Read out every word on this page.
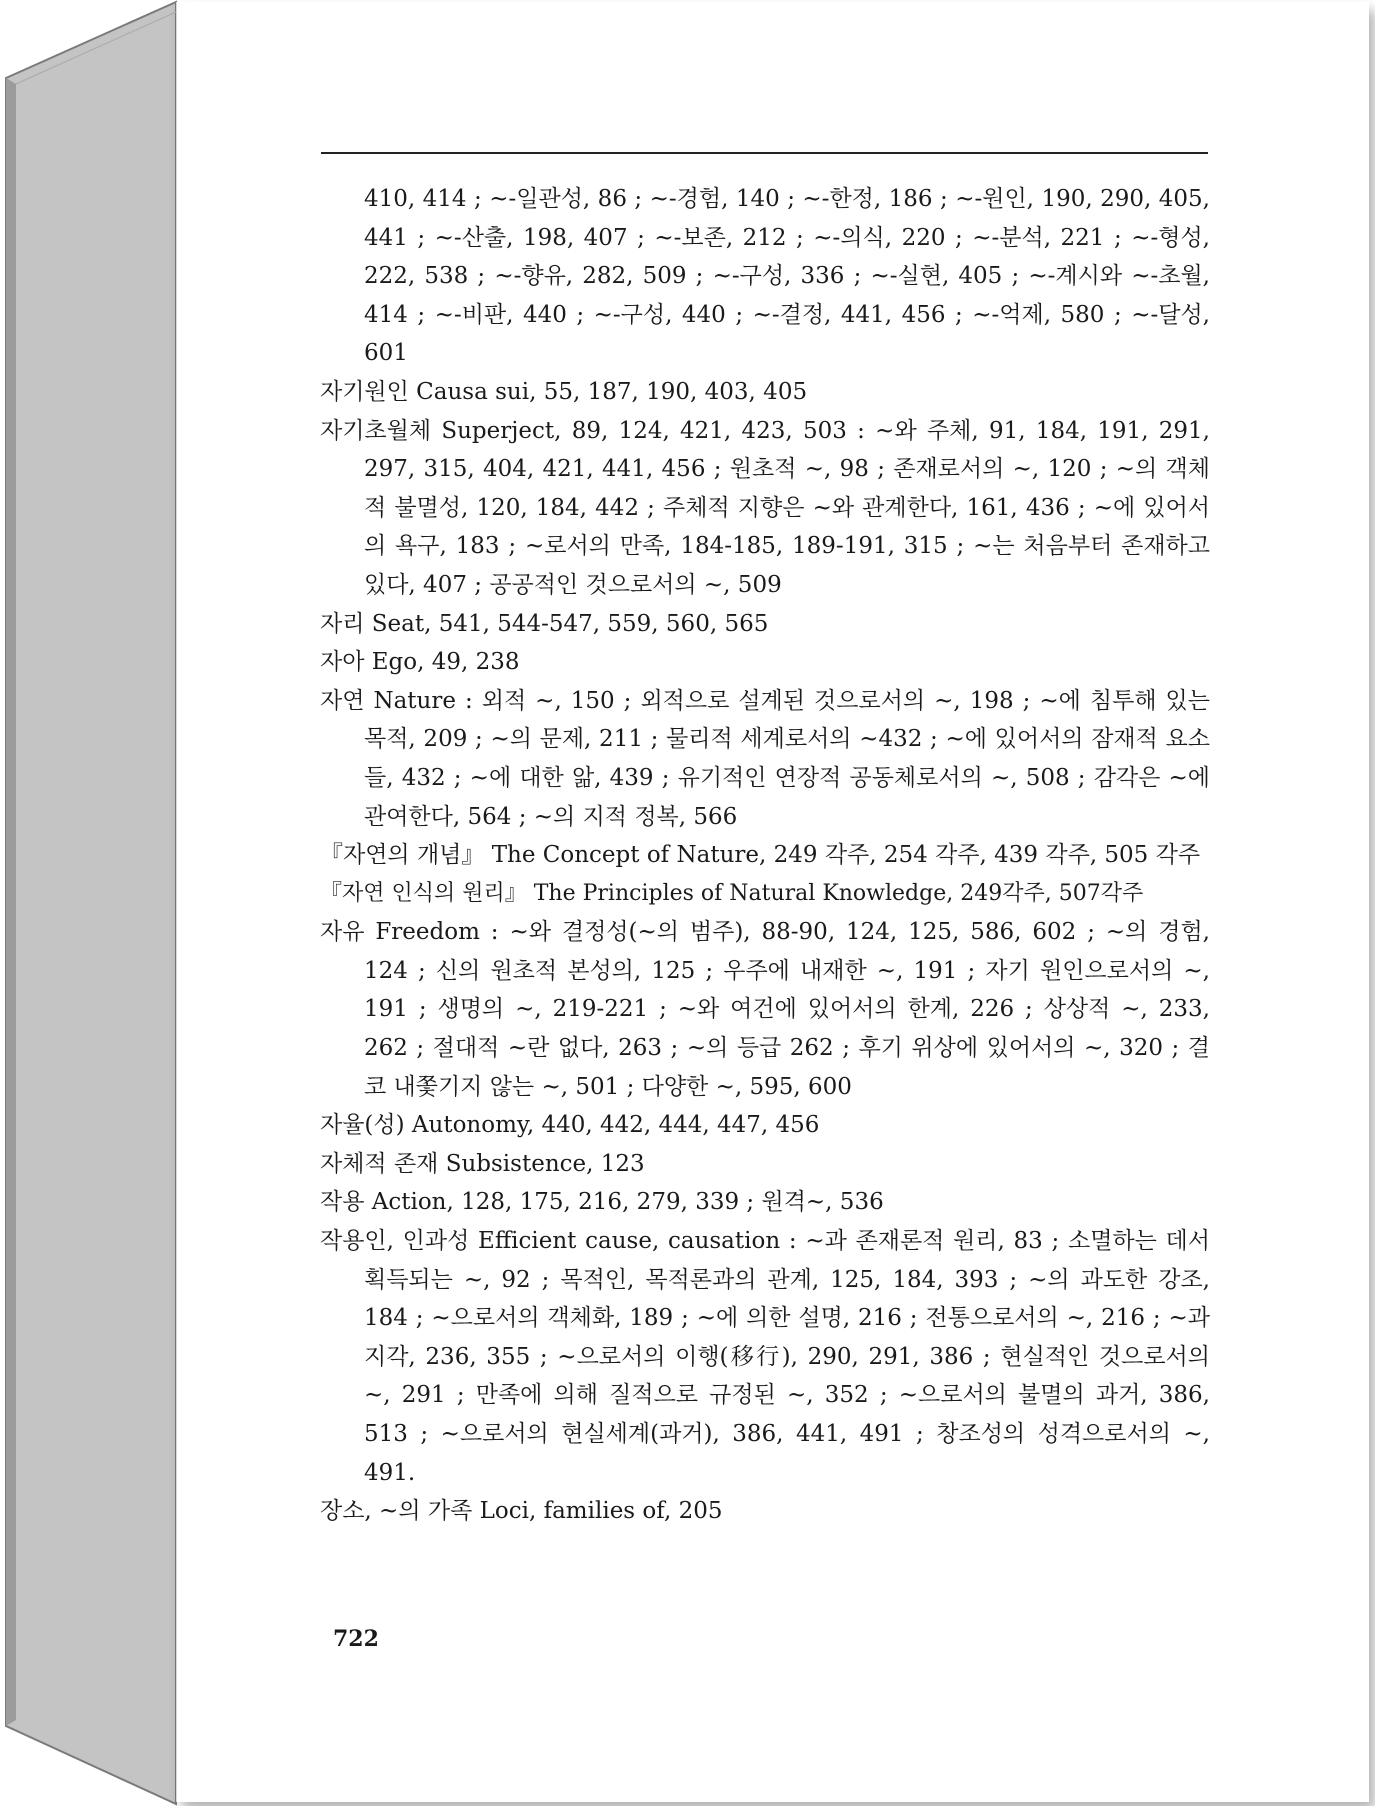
410, 414 ; ~-일관성, 86 ; ~-경험, 140 ; ~-한정, 186 ; ~-원인, 190, 290, 405, 441 ; ~-산출, 198, 407 ; ~-보존, 212 ; ~-의식, 220 ; ~-분석, 221 ; ~-형성, 222, 538 ; ~-향유, 282, 509 ; ~-구성, 336 ; ~-실현, 405 ; ~-계시와 ~-초월, 414 ; ~-비판, 440 ; ~-구성, 440 ; ~-결정, 441, 456 ; ~-억제, 580 ; ~-달성, 601
자기원인 Causa sui, 55, 187, 190, 403, 405
자기초월체 Superject, 89, 124, 421, 423, 503 : ~와 주체, 91, 184, 191, 291, 297, 315, 404, 421, 441, 456 ; 원초적 ~, 98 ; 존재로서의 ~, 120 ; ~의 객체적 불멸성, 120, 184, 442 ; 주체적 지향은 ~와 관계한다, 161, 436 ; ~에 있어서의 욕구, 183 ; ~로서의 만족, 184-185, 189-191, 315 ; ~는 처음부터 존재하고 있다, 407 ; 공공적인 것으로서의 ~, 509
자리 Seat, 541, 544-547, 559, 560, 565
자아 Ego, 49, 238
자연 Nature : 외적 ~, 150 ; 외적으로 설계된 것으로서의 ~, 198 ; ~에 침투해 있는 목적, 209 ; ~의 문제, 211 ; 물리적 세계로서의 ~432 ; ~에 있어서의 잠재적 요소들, 432 ; ~에 대한 앎, 439 ; 유기적인 연장적 공동체로서의 ~, 508 ; 감각은 ~에 관여한다, 564 ; ~의 지적 정복, 566
『자연의 개념』 The Concept of Nature, 249 각주, 254 각주, 439 각주, 505 각주
『자연 인식의 원리』 The Principles of Natural Knowledge, 249각주, 507각주
자유 Freedom : ~와 결정성(~의 범주), 88-90, 124, 125, 586, 602 ; ~의 경험, 124 ; 신의 원초적 본성의, 125 ; 우주에 내재한 ~, 191 ; 자기 원인으로서의 ~, 191 ; 생명의 ~, 219-221 ; ~와 여건에 있어서의 한계, 226 ; 상상적 ~, 233, 262 ; 절대적 ~란 없다, 263 ; ~의 등급 262 ; 후기 위상에 있어서의 ~, 320 ; 결코 내쫓기지 않는 ~, 501 ; 다양한 ~, 595, 600
자율(성) Autonomy, 440, 442, 444, 447, 456
자체적 존재 Subsistence, 123
작용 Action, 128, 175, 216, 279, 339 ; 원격~, 536
작용인, 인과성 Efficient cause, causation : ~과 존재론적 원리, 83 ; 소멸하는 데서 획득되는 ~, 92 ; 목적인, 목적론과의 관계, 125, 184, 393 ; ~의 과도한 강조, 184 ; ~으로서의 객체화, 189 ; ~에 의한 설명, 216 ; 전통으로서의 ~, 216 ; ~과 지각, 236, 355 ; ~으로서의 이행(移行), 290, 291, 386 ; 현실적인 것으로서의 ~, 291 ; 만족에 의해 질적으로 규정된 ~, 352 ; ~으로서의 불멸의 과거, 386, 513 ; ~으로서의 현실세계(과거), 386, 441, 491 ; 창조성의 성격으로서의 ~, 491.
장소, ~의 가족 Loci, families of, 205
722
